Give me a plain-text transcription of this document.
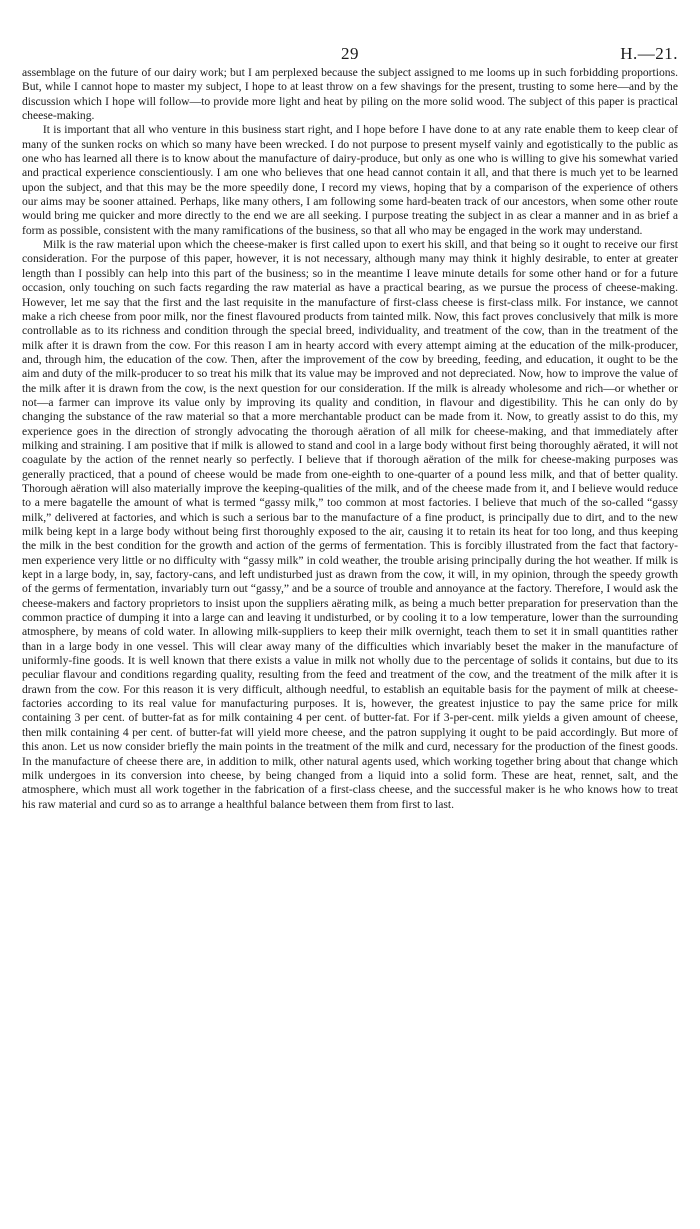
29	H.—21.

assemblage on the future of our dairy work; but I am perplexed because the subject assigned to me looms up in such forbidding proportions. But, while I cannot hope to master my subject, I hope to at least throw on a few shavings for the present, trusting to some here—and by the discussion which I hope will follow—to provide more light and heat by piling on the more solid wood. The subject of this paper is practical cheese-making.

It is important that all who venture in this business start right, and I hope before I have done to at any rate enable them to keep clear of many of the sunken rocks on which so many have been wrecked. I do not purpose to present myself vainly and egotistically to the public as one who has learned all there is to know about the manufacture of dairy-produce, but only as one who is willing to give his somewhat varied and practical experience conscientiously. I am one who believes that one head cannot contain it all, and that there is much yet to be learned upon the subject, and that this may be the more speedily done, I record my views, hoping that by a comparison of the experience of others our aims may be sooner attained. Perhaps, like many others, I am following some hard-beaten track of our ancestors, when some other route would bring me quicker and more directly to the end we are all seeking. I purpose treating the subject in as clear a manner and in as brief a form as possible, consistent with the many ramifications of the business, so that all who may be engaged in the work may understand.

Milk is the raw material upon which the cheese-maker is first called upon to exert his skill, and that being so it ought to receive our first consideration. For the purpose of this paper, however, it is not necessary, although many may think it highly desirable, to enter at greater length than I possibly can help into this part of the business; so in the meantime I leave minute details for some other hand or for a future occasion, only touching on such facts regarding the raw material as have a practical bearing, as we pursue the process of cheese-making. However, let me say that the first and the last requisite in the manufacture of first-class cheese is first-class milk. For instance, we cannot make a rich cheese from poor milk, nor the finest flavoured products from tainted milk. Now, this fact proves conclusively that milk is more controllable as to its richness and condition through the special breed, individuality, and treatment of the cow, than in the treatment of the milk after it is drawn from the cow. For this reason I am in hearty accord with every attempt aiming at the education of the milk-producer, and, through him, the education of the cow. Then, after the improvement of the cow by breeding, feeding, and education, it ought to be the aim and duty of the milk-producer to so treat his milk that its value may be improved and not depreciated. Now, how to improve the value of the milk after it is drawn from the cow, is the next question for our consideration. If the milk is already wholesome and rich—or whether or not—a farmer can improve its value only by improving its quality and condition, in flavour and digestibility. This he can only do by changing the substance of the raw material so that a more merchantable product can be made from it. Now, to greatly assist to do this, my experience goes in the direction of strongly advocating the thorough aëration of all milk for cheese-making, and that immediately after milking and straining. I am positive that if milk is allowed to stand and cool in a large body without first being thoroughly aërated, it will not coagulate by the action of the rennet nearly so perfectly. I believe that if thorough aëration of the milk for cheese-making purposes was generally practiced, that a pound of cheese would be made from one-eighth to one-quarter of a pound less milk, and that of better quality. Thorough aëration will also materially improve the keeping-qualities of the milk, and of the cheese made from it, and I believe would reduce to a mere bagatelle the amount of what is termed “gassy milk,” too common at most factories. I believe that much of the so-called “gassy milk,” delivered at factories, and which is such a serious bar to the manufacture of a fine product, is principally due to dirt, and to the new milk being kept in a large body without being first thoroughly exposed to the air, causing it to retain its heat for too long, and thus keeping the milk in the best condition for the growth and action of the germs of fermentation. This is forcibly illustrated from the fact that factory-men experience very little or no difficulty with “gassy milk” in cold weather, the trouble arising principally during the hot weather. If milk is kept in a large body, in, say, factory-cans, and left undisturbed just as drawn from the cow, it will, in my opinion, through the speedy growth of the germs of fermentation, invariably turn out “gassy,” and be a source of trouble and annoyance at the factory. Therefore, I would ask the cheese-makers and factory proprietors to insist upon the suppliers aërating milk, as being a much better preparation for preservation than the common practice of dumping it into a large can and leaving it undisturbed, or by cooling it to a low temperature, lower than the surrounding atmosphere, by means of cold water. In allowing milk-suppliers to keep their milk overnight, teach them to set it in small quantities rather than in a large body in one vessel. This will clear away many of the difficulties which invariably beset the maker in the manufacture of uniformly-fine goods. It is well known that there exists a value in milk not wholly due to the percentage of solids it contains, but due to its peculiar flavour and conditions regarding quality, resulting from the feed and treatment of the cow, and the treatment of the milk after it is drawn from the cow. For this reason it is very difficult, although needful, to establish an equitable basis for the payment of milk at cheese-factories according to its real value for manufacturing purposes. It is, however, the greatest injustice to pay the same price for milk containing 3 per cent. of butter-fat as for milk containing 4 per cent. of butter-fat. For if 3-per-cent. milk yields a given amount of cheese, then milk containing 4 per cent. of butter-fat will yield more cheese, and the patron supplying it ought to be paid accordingly. But more of this anon. Let us now consider briefly the main points in the treatment of the milk and curd, necessary for the production of the finest goods. In the manufacture of cheese there are, in addition to milk, other natural agents used, which working together bring about that change which milk undergoes in its conversion into cheese, by being changed from a liquid into a solid form. These are heat, rennet, salt, and the atmosphere, which must all work together in the fabrication of a first-class cheese, and the successful maker is he who knows how to treat his raw material and curd so as to arrange a healthful balance between them from first to last.
